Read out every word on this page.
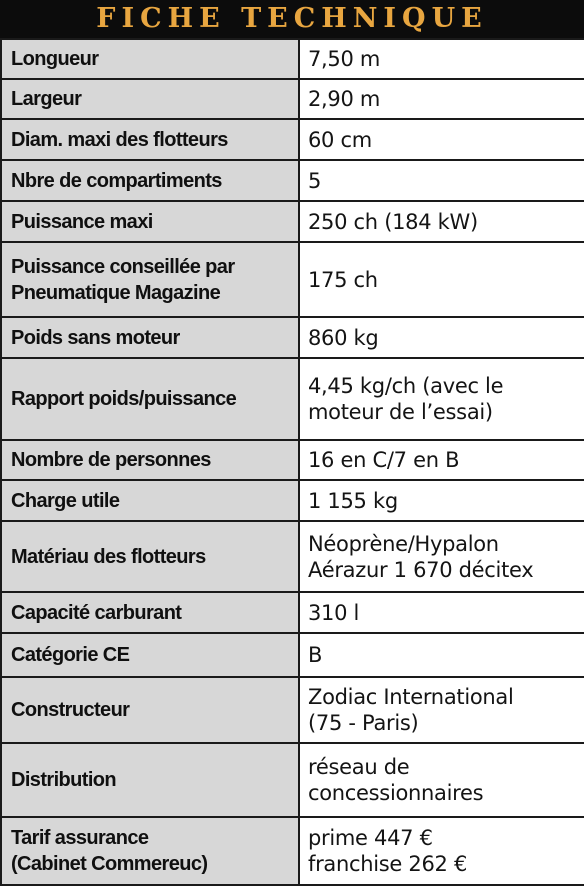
FICHE TECHNIQUE
Longueur	7,50 m
Largeur	2,90 m
Diam. maxi des flotteurs	60 cm
Nbre de compartiments	5
Puissance maxi	250 ch (184 kW)
Puissance conseillée par
Pneumatique Magazine	175 ch
Poids sans moteur	860 kg
Rapport poids/puissance	4,45 kg/ch (avec le
moteur de l’essai)
Nombre de personnes	16 en C/7 en B
Charge utile	1 155 kg
Matériau des flotteurs	Néoprène/Hypalon
Aérazur 1 670 décitex
Capacité carburant	310 l
Catégorie CE	B
Constructeur	Zodiac International
(75 - Paris)
Distribution	réseau de
concessionnaires
Tarif assurance
(Cabinet Commereuc)	prime 447 €
franchise 262 €
